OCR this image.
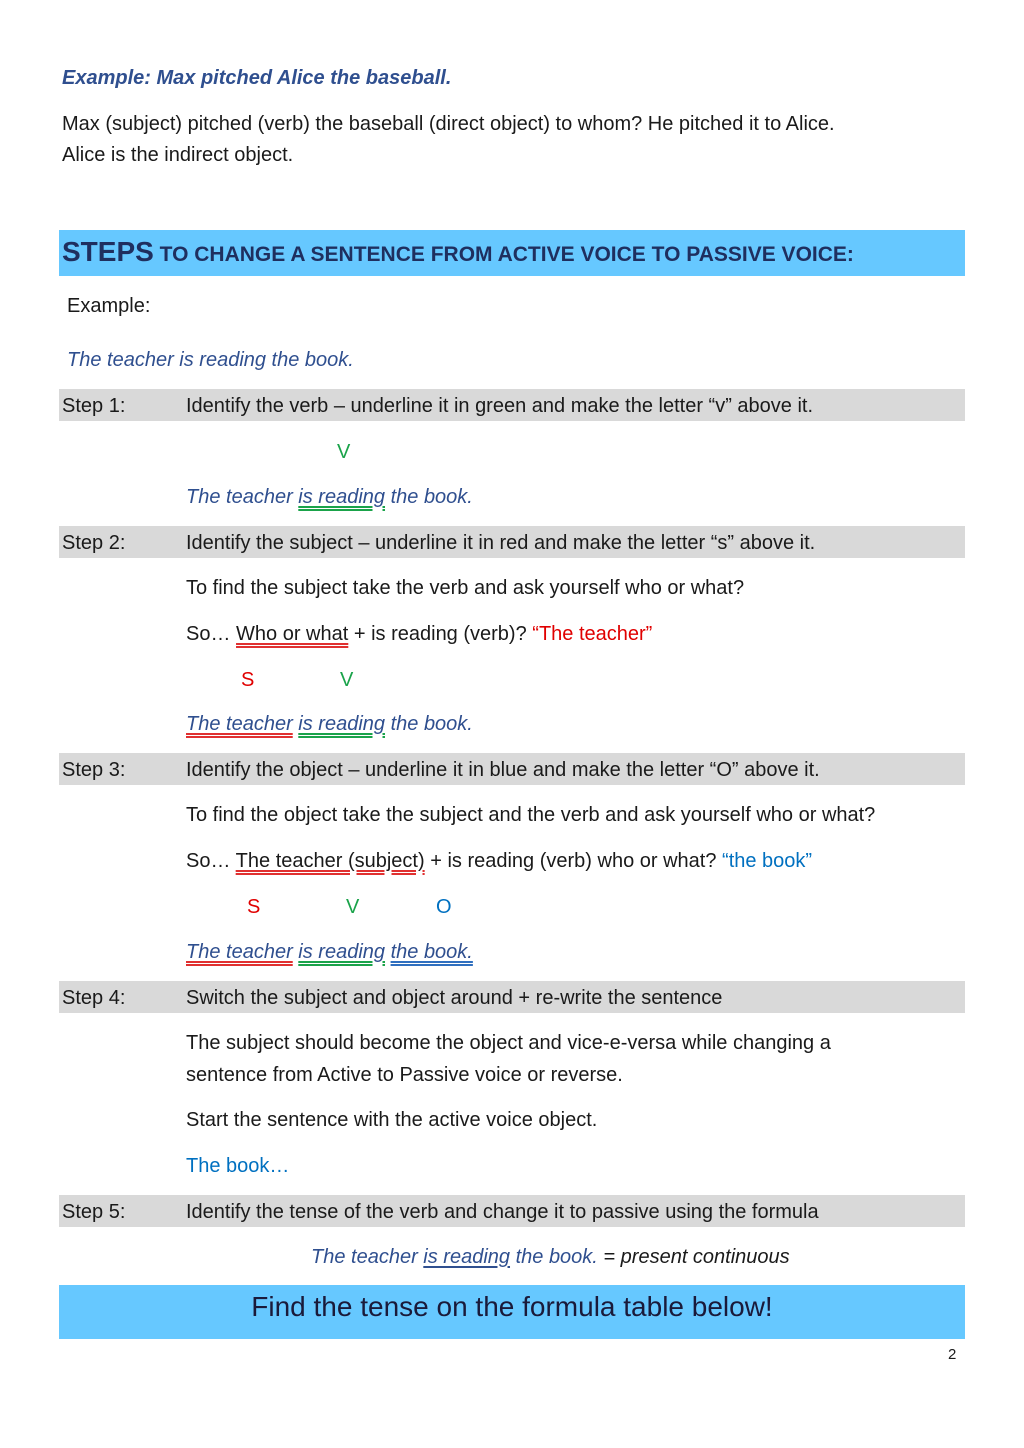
Example: Max pitched Alice the baseball.
Max (subject) pitched (verb) the baseball (direct object) to whom? He pitched it to Alice.
Alice is the indirect object.
STEPS TO CHANGE A SENTENCE FROM ACTIVE VOICE TO PASSIVE VOICE:
Example:
The teacher is reading the book.
Step 1:	Identify the verb – underline it in green and make the letter “v” above it.
V
The teacher is reading the book.
Step 2:	Identify the subject – underline it in red and make the letter “s” above it.
To find the subject take the verb and ask yourself who or what?
So… Who or what + is reading (verb)? “The teacher”
S	V
The teacher is reading the book.
Step 3:	Identify the object – underline it in blue and make the letter “O” above it.
To find the object take the subject and the verb and ask yourself who or what?
So… The teacher (subject) + is reading (verb) who or what? “the book”
S	V	O
The teacher is reading the book.
Step 4:	Switch the subject and object around + re-write the sentence
The subject should become the object and vice-e-versa while changing a
sentence from Active to Passive voice or reverse.
Start the sentence with the active voice object.
The book…
Step 5:	Identify the tense of the verb and change it to passive using the formula
The teacher is reading the book. = present continuous
Find the tense on the formula table below!
2
